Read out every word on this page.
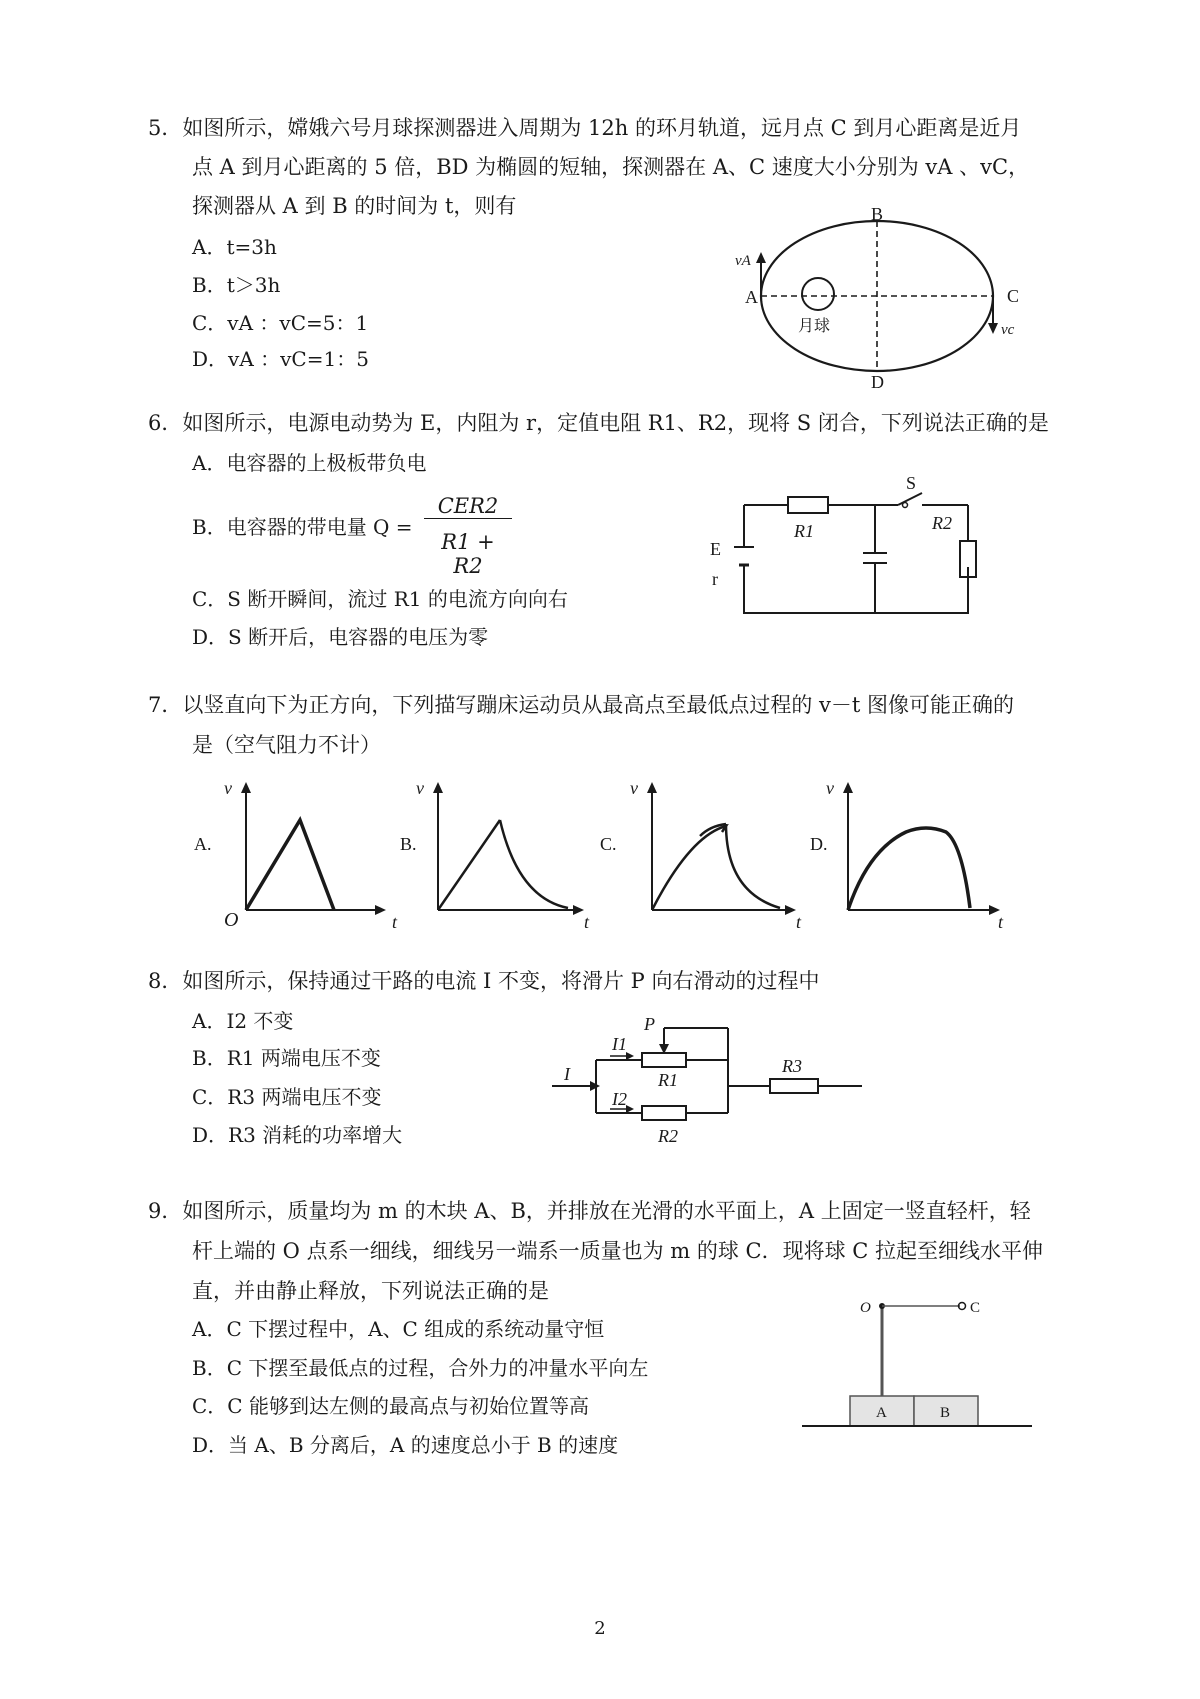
5．如图所示，嫦娥六号月球探测器进入周期为 12h 的环月轨道，远月点 C 到月心距离是近月
点 A 到月心距离的 5 倍，BD 为椭圆的短轴，探测器在 A、C 速度大小分别为 vA 、vC，
探测器从 A 到 B 的时间为 t，则有
A．t=3h
B．t＞3h
C．vA ：vC=5：1
D．vA ：vC=1：5
B
A	C
D
vA
vc
月球
6．如图所示，电源电动势为 E，内阻为 r，定值电阻 R1、R2，现将 S 闭合，下列说法正确的是
A．电容器的上极板带负电
B．电容器的带电量 Q =
CER2
R1 + R2
C．S 断开瞬间，流过 R1 的电流方向向右
D．S 断开后，电容器的电压为零
S
R1	R2
E
r
7．以竖直向下为正方向，下列描写蹦床运动员从最高点至最低点过程的 v－t 图像可能正确的
是（空气阻力不计）
v
t
O
A.
v
t
B.
v
t
C.
v
t
D.
8．如图所示，保持通过干路的电流 I 不变，将滑片 P 向右滑动的过程中
A．I2 不变
B．R1 两端电压不变
C．R3 两端电压不变
D．R3 消耗的功率增大
P
I
I1
I2
R1
R2
R3
9．如图所示，质量均为 m 的木块 A、B，并排放在光滑的水平面上，A 上固定一竖直轻杆，轻
杆上端的 O 点系一细线，细线另一端系一质量也为 m 的球 C．现将球 C 拉起至细线水平伸
直，并由静止释放，下列说法正确的是
A．C 下摆过程中，A、C 组成的系统动量守恒
B．C 下摆至最低点的过程，合外力的冲量水平向左
C．C 能够到达左侧的最高点与初始位置等高
D．当 A、B 分离后，A 的速度总小于 B 的速度
O	C
A	B
2
